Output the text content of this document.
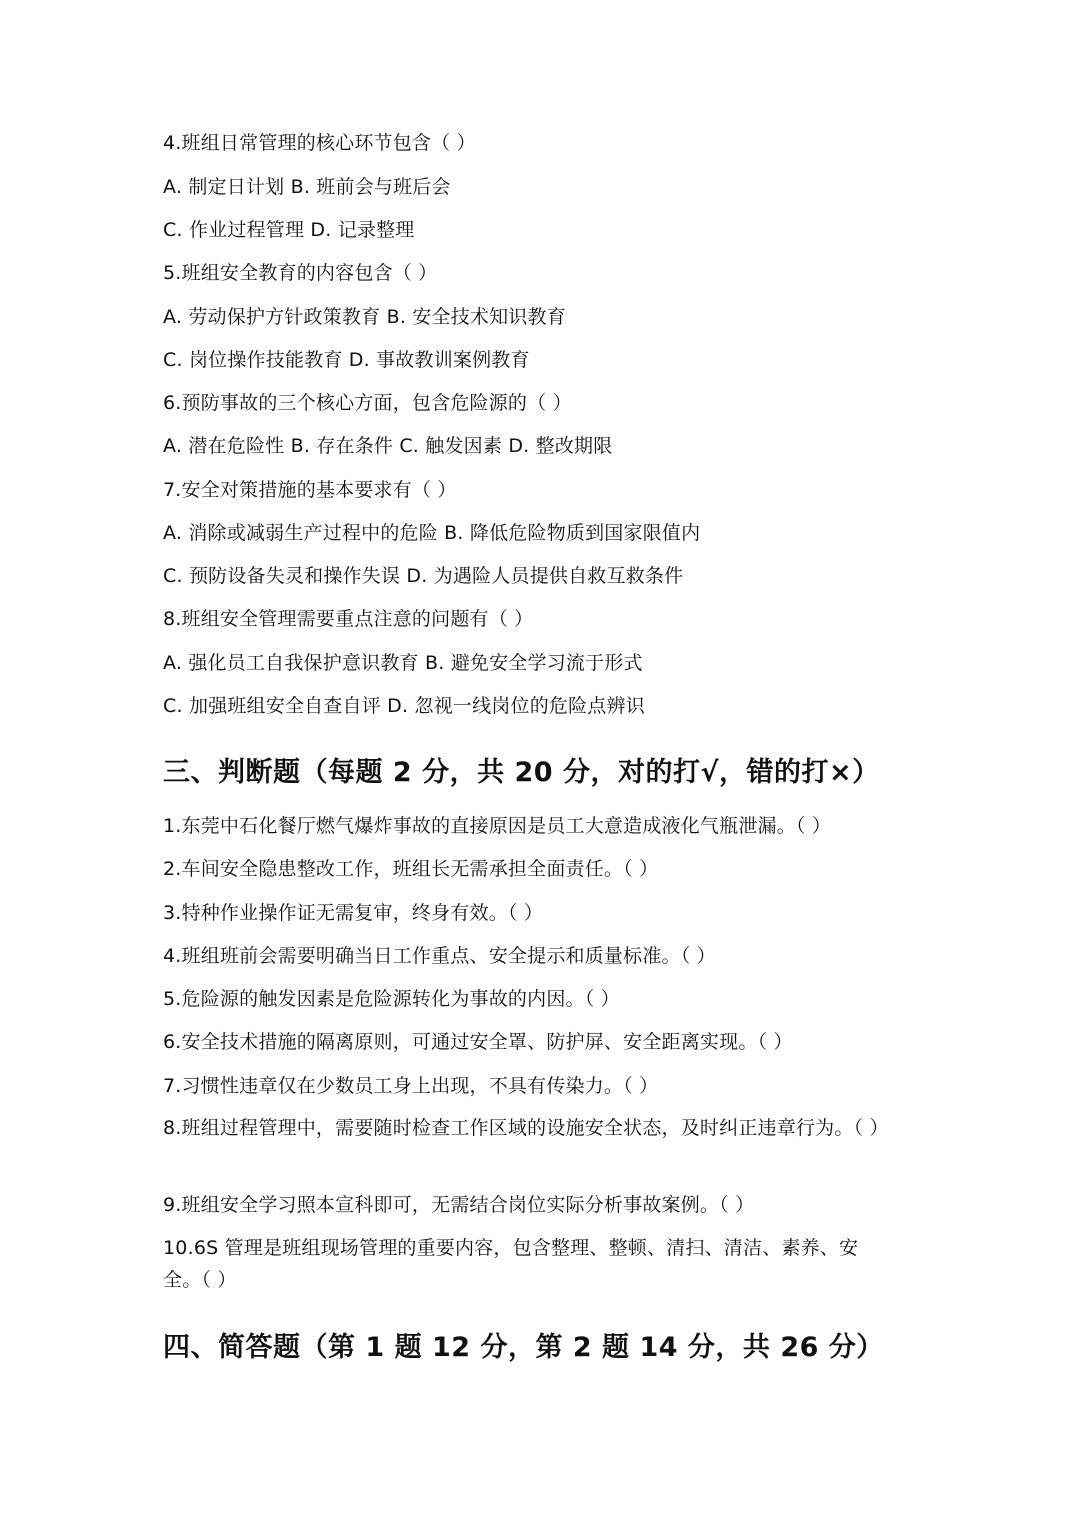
4.班组日常管理的核心环节包含（ ）
A. 制定日计划 B. 班前会与班后会
C. 作业过程管理 D. 记录整理
5.班组安全教育的内容包含（ ）
A. 劳动保护方针政策教育 B. 安全技术知识教育
C. 岗位操作技能教育 D. 事故教训案例教育
6.预防事故的三个核心方面，包含危险源的（ ）
A. 潜在危险性 B. 存在条件 C. 触发因素 D. 整改期限
7.安全对策措施的基本要求有（ ）
A. 消除或减弱生产过程中的危险 B. 降低危险物质到国家限值内
C. 预防设备失灵和操作失误 D. 为遇险人员提供自救互救条件
8.班组安全管理需要重点注意的问题有（ ）
A. 强化员工自我保护意识教育 B. 避免安全学习流于形式
C. 加强班组安全自查自评 D. 忽视一线岗位的危险点辨识
三、判断题（每题 2 分，共 20 分，对的打√，错的打×）
1.东莞中石化餐厅燃气爆炸事故的直接原因是员工大意造成液化气瓶泄漏。（ ）
2.车间安全隐患整改工作，班组长无需承担全面责任。（ ）
3.特种作业操作证无需复审，终身有效。（ ）
4.班组班前会需要明确当日工作重点、安全提示和质量标准。（ ）
5.危险源的触发因素是危险源转化为事故的内因。（ ）
6.安全技术措施的隔离原则，可通过安全罩、防护屏、安全距离实现。（ ）
7.习惯性违章仅在少数员工身上出现，不具有传染力。（ ）
8.班组过程管理中，需要随时检查工作区域的设施安全状态，及时纠正违章行为。（ ）
9.班组安全学习照本宣科即可，无需结合岗位实际分析事故案例。（ ）
10.6S 管理是班组现场管理的重要内容，包含整理、整顿、清扫、清洁、素养、安全。（ ）
四、简答题（第 1 题 12 分，第 2 题 14 分，共 26 分）
